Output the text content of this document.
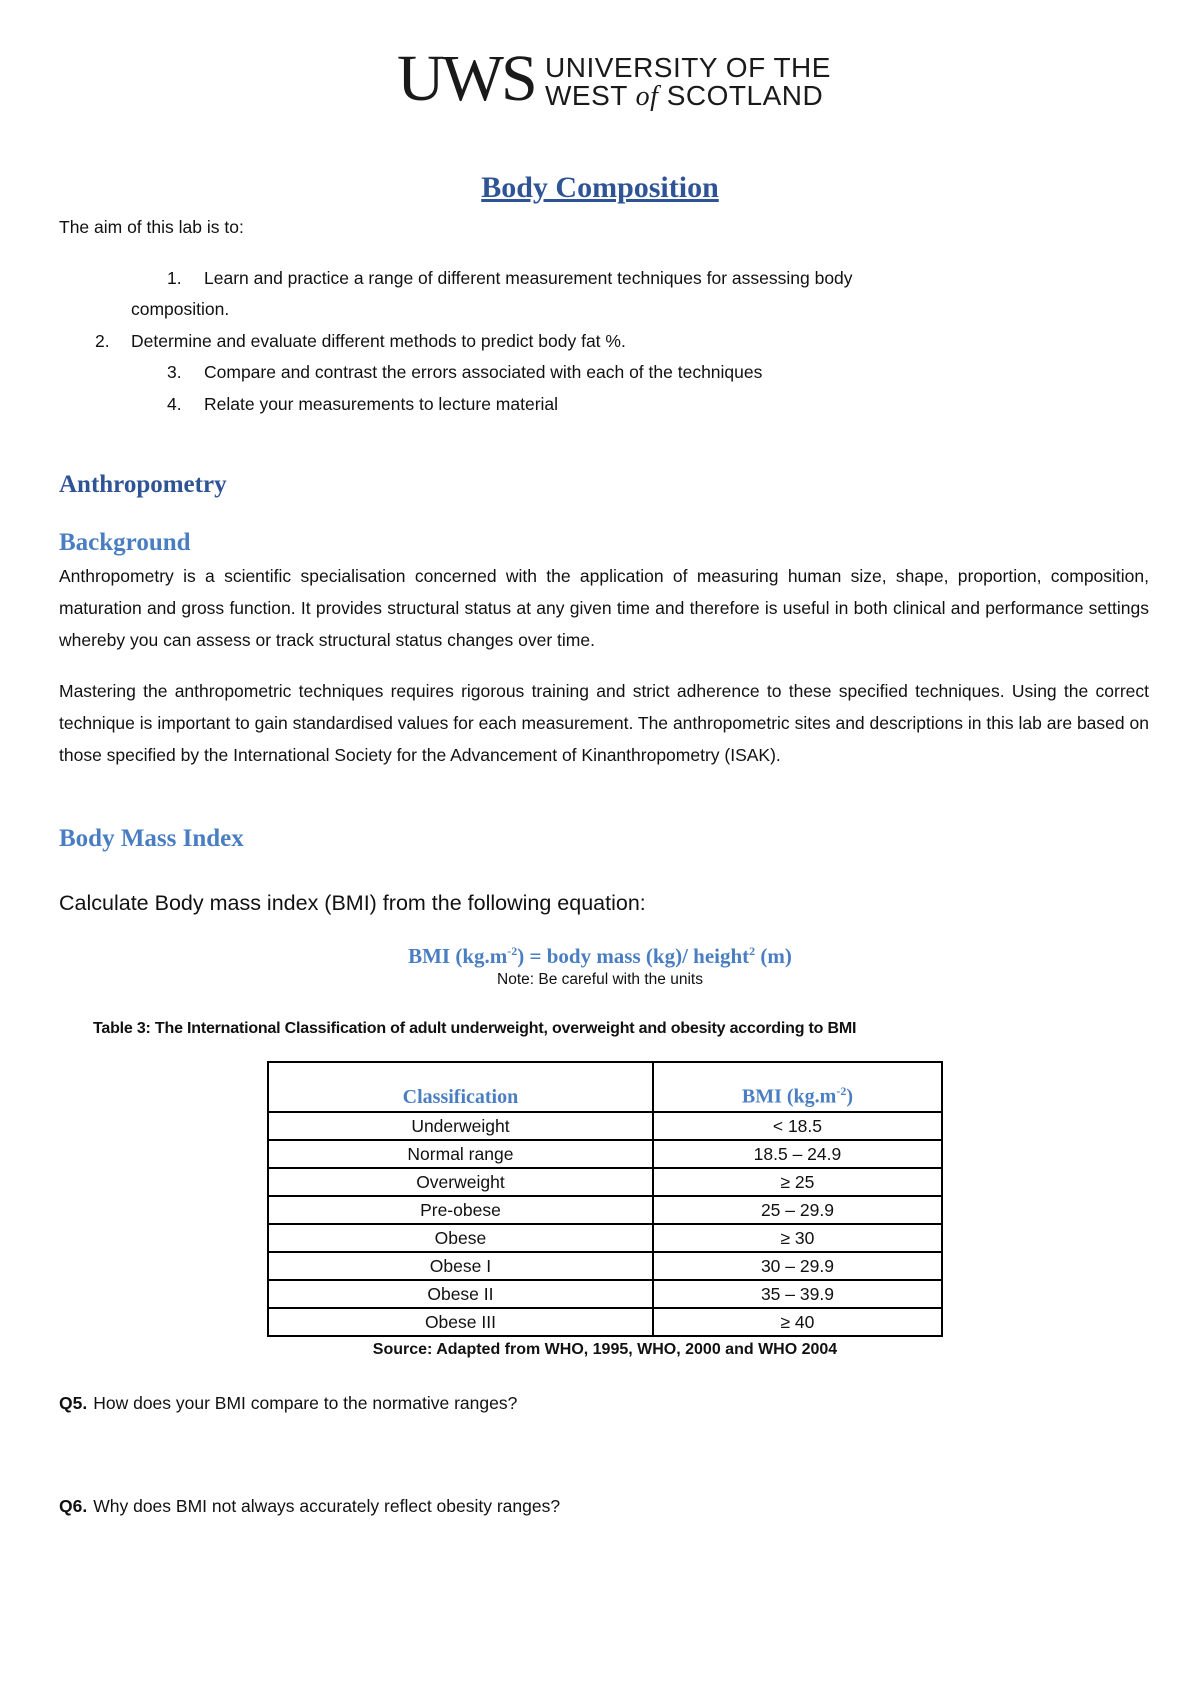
UWS UNIVERSITY OF THE
WEST of SCOTLAND
Body Composition
The aim of this lab is to:
1. Learn and practice a range of different measurement techniques for assessing body
composition.
2. Determine and evaluate different methods to predict body fat %.
3. Compare and contrast the errors associated with each of the techniques
4. Relate your measurements to lecture material
Anthropometry
Background

Anthropometry is a scientific specialisation concerned with the application of measuring human size, shape, proportion, composition, maturation and gross function. It provides structural status at any given time and therefore is useful in both clinical and performance settings whereby you can assess or track structural status changes over time.

Mastering the anthropometric techniques requires rigorous training and strict adherence to these specified techniques. Using the correct technique is important to gain standardised values for each measurement. The anthropometric sites and descriptions in this lab are based on those specified by the International Society for the Advancement of Kinanthropometry (ISAK).

Body Mass Index
Calculate Body mass index (BMI) from the following equation:
BMI $(kg.m^{-2})$ = body mass (kg)/ height$^2$ (m)
Note: Be careful with the units
Table 3: The International Classification of adult underweight, overweight and obesity according to BMI
Classification	BMI $(kg.m^{-2})$
Underweight	< 18.5
Normal range	18.5 – 24.9
Overweight	≥ 25
Pre-obese	25 – 29.9
Obese	≥ 30
Obese I	30 – 29.9
Obese II	35 – 39.9
Obese III	≥ 40
Source: Adapted from WHO, 1995, WHO, 2000 and WHO 2004
Q5. How does your BMI compare to the normative ranges?
Q6. Why does BMI not always accurately reflect obesity ranges?
